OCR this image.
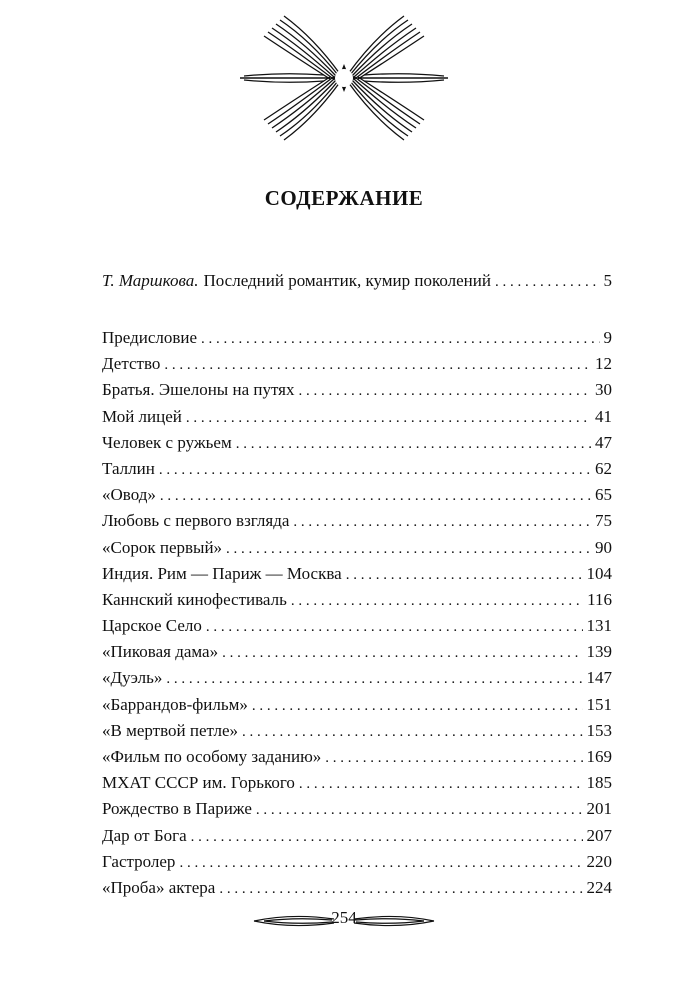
СОДЕРЖАНИЕ
Т. Маршкова. Последний романтик, кумир поколений . . .	5
Предисловие . . .	9
Детство . . .	12
Братья. Эшелоны на путях . . .	30
Мой лицей . . .	41
Человек с ружьем . . .	47
Таллин . . .	62
«Овод» . . .	65
Любовь с первого взгляда . . .	75
«Сорок первый» . . .	90
Индия. Рим — Париж — Москва . . .	104
Каннский кинофестиваль . . .	116
Царское Село . . .	131
«Пиковая дама» . . .	139
«Дуэль» . . .	147
«Баррандов-фильм» . . .	151
«В мертвой петле» . . .	153
«Фильм по особому заданию» . . .	169
МХАТ СССР им. Горького . . .	185
Рождество в Париже . . .	201
Дар от Бога . . .	207
Гастролер . . .	220
«Проба» актера . . .	224
254
